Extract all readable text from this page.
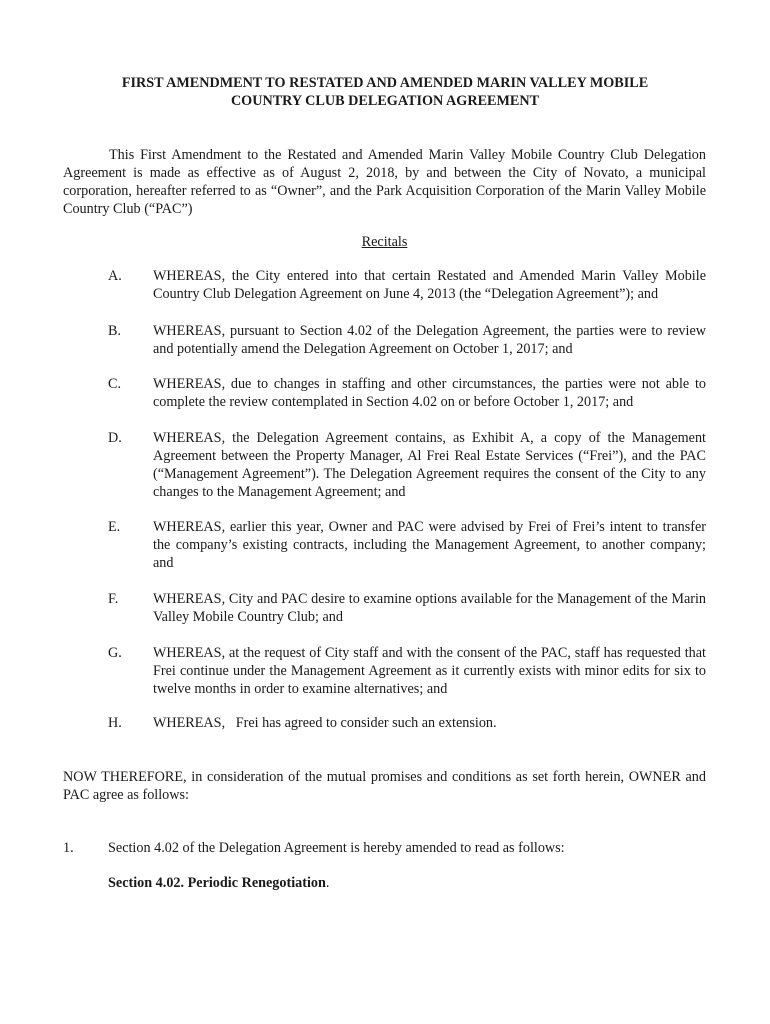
FIRST AMENDMENT TO RESTATED AND AMENDED MARIN VALLEY MOBILE
COUNTRY CLUB DELEGATION AGREEMENT
This First Amendment to the Restated and Amended Marin Valley Mobile Country Club Delegation Agreement is made as effective as of August 2, 2018, by and between the City of Novato, a municipal corporation, hereafter referred to as “Owner”, and the Park Acquisition Corporation of the Marin Valley Mobile Country Club (“PAC”)
Recitals
A. WHEREAS, the City entered into that certain Restated and Amended Marin Valley Mobile Country Club Delegation Agreement on June 4, 2013 (the “Delegation Agreement”); and
B. WHEREAS, pursuant to Section 4.02 of the Delegation Agreement, the parties were to review and potentially amend the Delegation Agreement on October 1, 2017; and
C. WHEREAS, due to changes in staffing and other circumstances, the parties were not able to complete the review contemplated in Section 4.02 on or before October 1, 2017; and
D. WHEREAS, the Delegation Agreement contains, as Exhibit A, a copy of the Management Agreement between the Property Manager, Al Frei Real Estate Services (“Frei”), and the PAC (“Management Agreement”). The Delegation Agreement requires the consent of the City to any changes to the Management Agreement; and
E. WHEREAS, earlier this year, Owner and PAC were advised by Frei of Frei’s intent to transfer the company’s existing contracts, including the Management Agreement, to another company; and
F. WHEREAS, City and PAC desire to examine options available for the Management of the Marin Valley Mobile Country Club; and
G. WHEREAS, at the request of City staff and with the consent of the PAC, staff has requested that Frei continue under the Management Agreement as it currently exists with minor edits for six to twelve months in order to examine alternatives; and
H. WHEREAS,   Frei has agreed to consider such an extension.
NOW THEREFORE, in consideration of the mutual promises and conditions as set forth herein, OWNER and PAC agree as follows:
1. Section 4.02 of the Delegation Agreement is hereby amended to read as follows:
Section 4.02. Periodic Renegotiation.
